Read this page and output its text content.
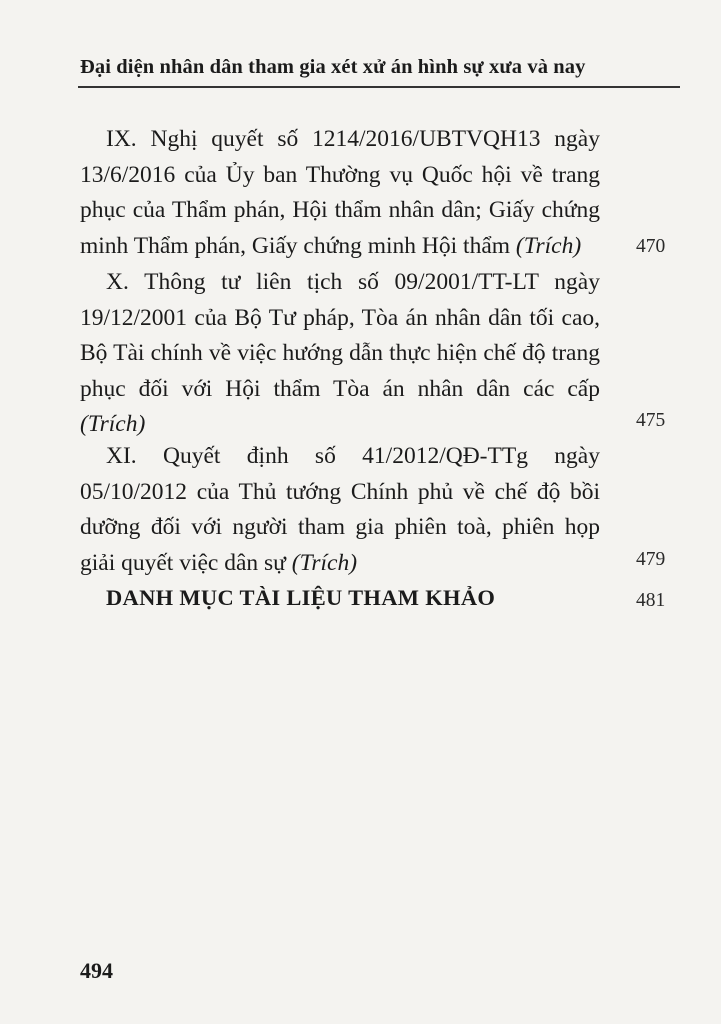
Đại diện nhân dân tham gia xét xử án hình sự xưa và nay
IX. Nghị quyết số 1214/2016/UBTVQH13 ngày 13/6/2016 của Ủy ban Thường vụ Quốc hội về trang phục của Thẩm phán, Hội thẩm nhân dân; Giấy chứng minh Thẩm phán, Giấy chứng minh Hội thẩm (Trích)	470
X. Thông tư liên tịch số 09/2001/TT-LT ngày 19/12/2001 của Bộ Tư pháp, Tòa án nhân dân tối cao, Bộ Tài chính về việc hướng dẫn thực hiện chế độ trang phục đối với Hội thẩm Tòa án nhân dân các cấp (Trích)	475
XI. Quyết định số 41/2012/QĐ-TTg ngày 05/10/2012 của Thủ tướng Chính phủ về chế độ bồi dưỡng đối với người tham gia phiên toà, phiên họp giải quyết việc dân sự (Trích)	479
DANH MỤC TÀI LIỆU THAM KHẢO	481
494
